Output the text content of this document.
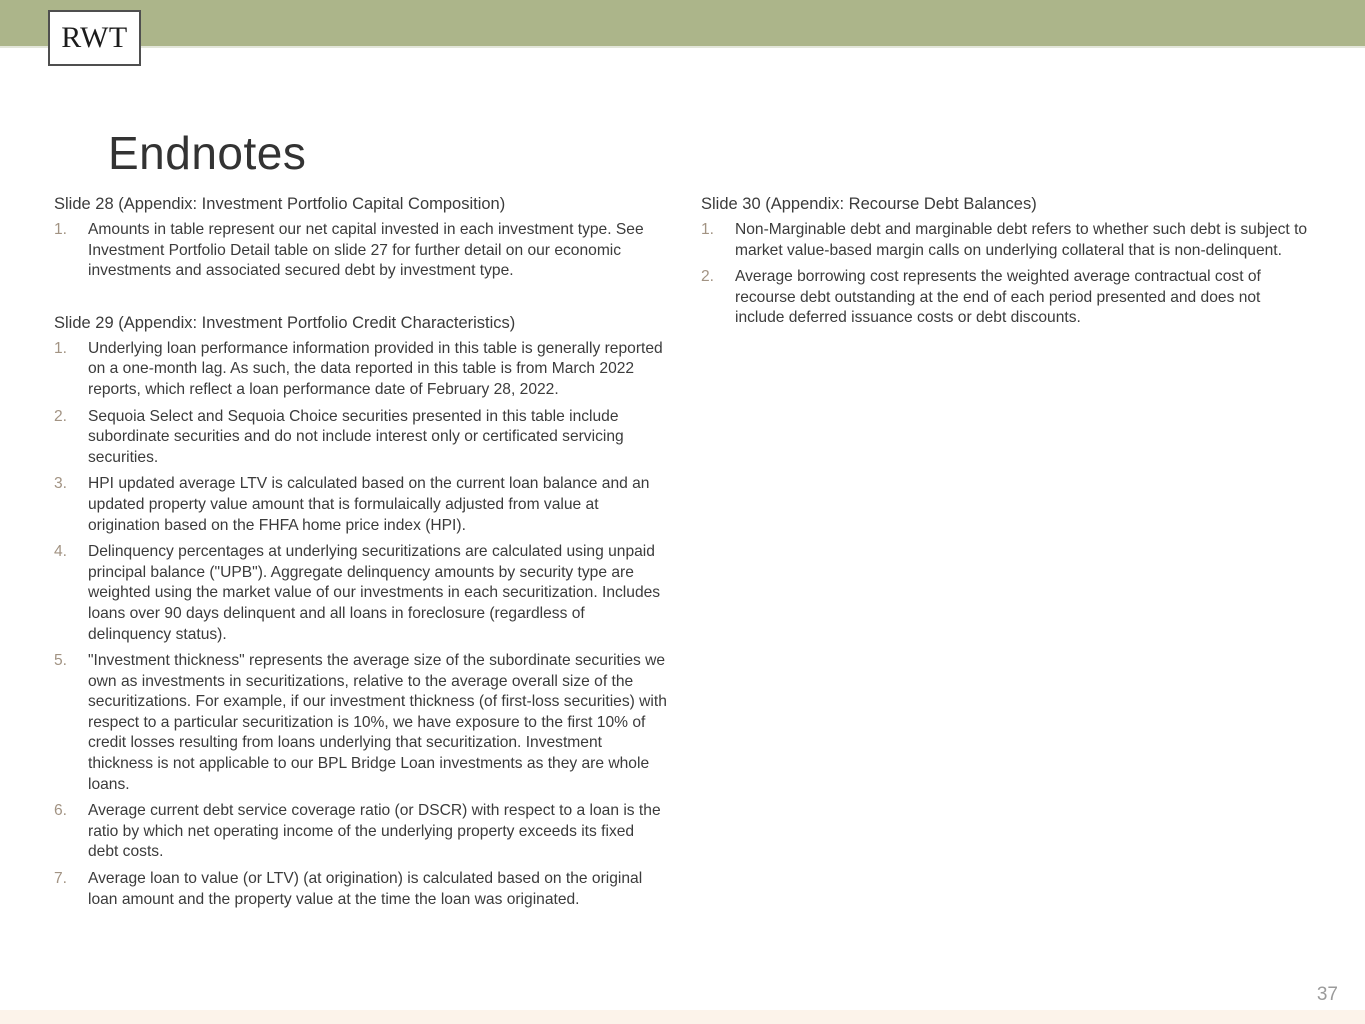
RWT
Endnotes
Slide 28 (Appendix: Investment Portfolio Capital Composition)
1.	Amounts in table represent our net capital invested in each investment type. See Investment Portfolio Detail table on slide 27 for further detail on our economic investments and associated secured debt by investment type.
Slide 29 (Appendix: Investment Portfolio Credit Characteristics)
1.	Underlying loan performance information provided in this table is generally reported on a one-month lag. As such, the data reported in this table is from March 2022 reports, which reflect a loan performance date of February 28, 2022.
2.	Sequoia Select and Sequoia Choice securities presented in this table include subordinate securities and do not include interest only or certificated servicing securities.
3.	HPI updated average LTV is calculated based on the current loan balance and an updated property value amount that is formulaically adjusted from value at origination based on the FHFA home price index (HPI).
4.	Delinquency percentages at underlying securitizations are calculated using unpaid principal balance ("UPB"). Aggregate delinquency amounts by security type are weighted using the market value of our investments in each securitization. Includes loans over 90 days delinquent and all loans in foreclosure (regardless of delinquency status).
5.	"Investment thickness" represents the average size of the subordinate securities we own as investments in securitizations, relative to the average overall size of the securitizations. For example, if our investment thickness (of first-loss securities) with respect to a particular securitization is 10%, we have exposure to the first 10% of credit losses resulting from loans underlying that securitization. Investment thickness is not applicable to our BPL Bridge Loan investments as they are whole loans.
6.	Average current debt service coverage ratio (or DSCR) with respect to a loan is the ratio by which net operating income of the underlying property exceeds its fixed debt costs.
7.	Average loan to value (or LTV) (at origination) is calculated based on the original loan amount and the property value at the time the loan was originated.
Slide 30 (Appendix: Recourse Debt Balances)
1.	Non-Marginable debt and marginable debt refers to whether such debt is subject to market value-based margin calls on underlying collateral that is non-delinquent.
2.	Average borrowing cost represents the weighted average contractual cost of recourse debt outstanding at the end of each period presented and does not include deferred issuance costs or debt discounts.
37
